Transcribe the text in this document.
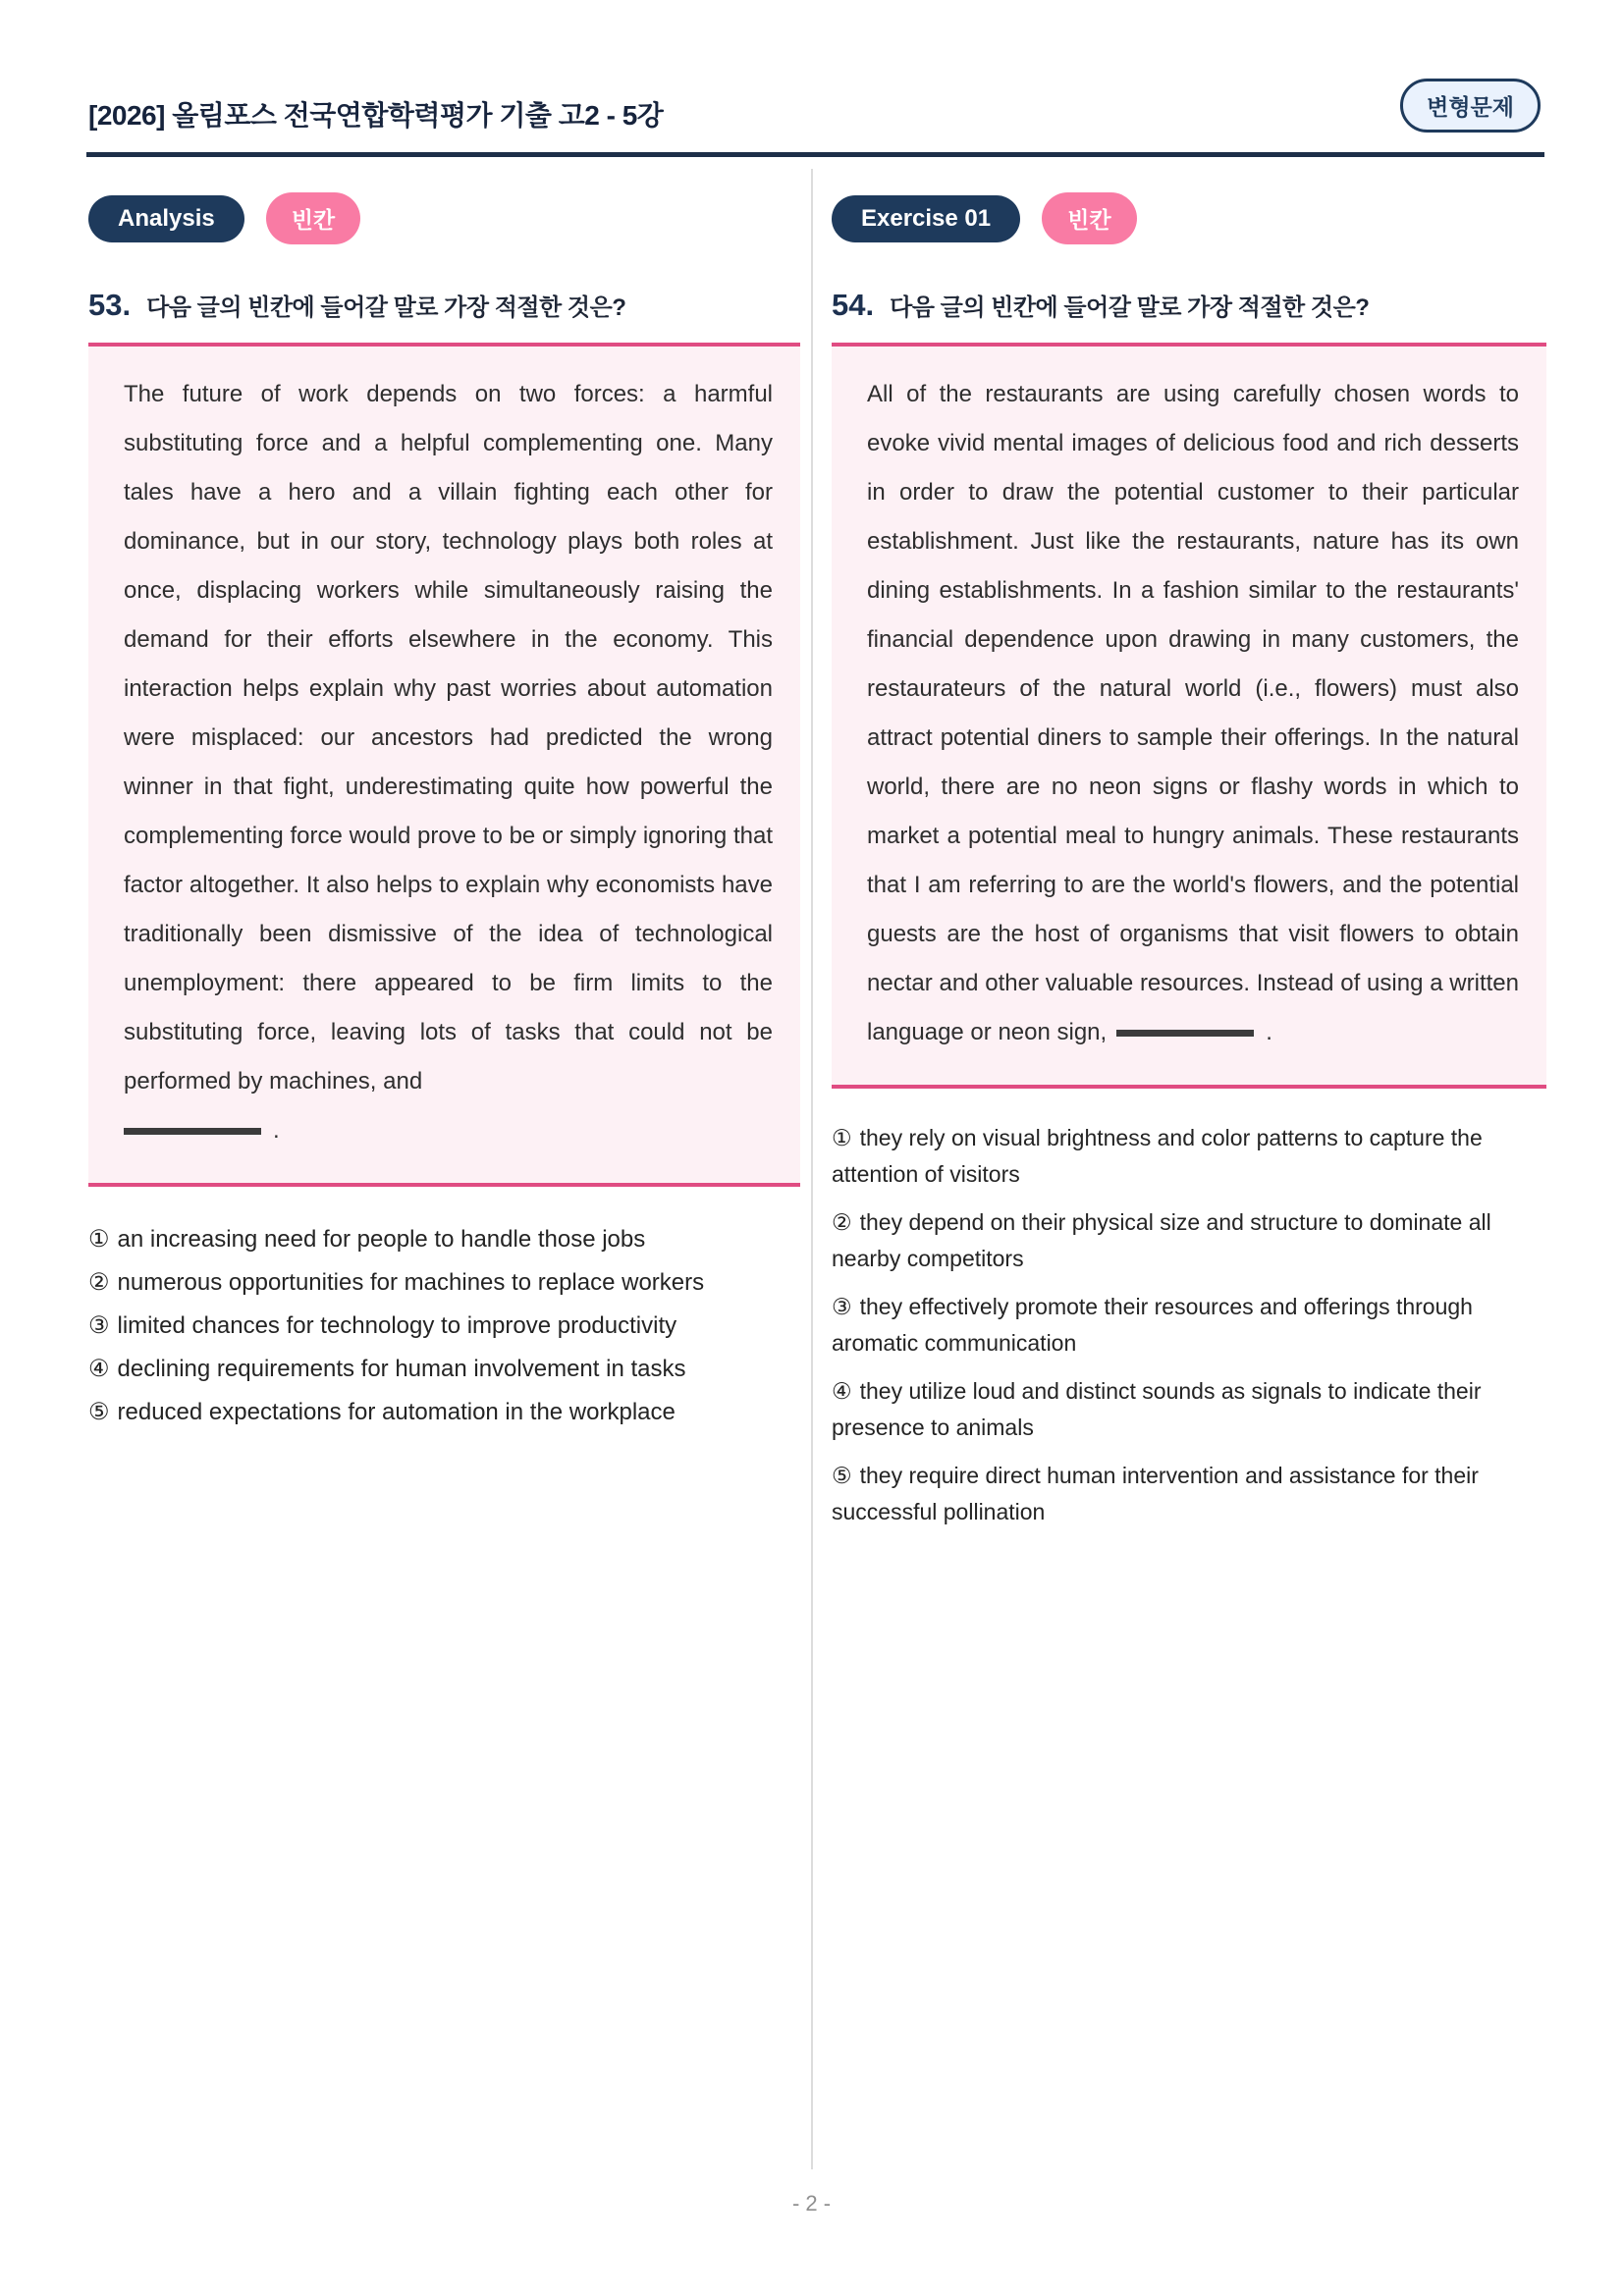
[2026] 올림포스 전국연합학력평가 기출 고2 - 5강	변형문제
Analysis	빈칸
53. 다음 글의 빈칸에 들어갈 말로 가장 적절한 것은?

The future of work depends on two forces: a harmful substituting force and a helpful complementing one. Many tales have a hero and a villain fighting each other for dominance, but in our story, technology plays both roles at once, displacing workers while simultaneously raising the demand for their efforts elsewhere in the economy. This interaction helps explain why past worries about automation were misplaced: our ancestors had predicted the wrong winner in that fight, underestimating quite how powerful the complementing force would prove to be or simply ignoring that factor altogether. It also helps to explain why economists have traditionally been dismissive of the idea of technological unemployment: there appeared to be firm limits to the substituting force, leaving lots of tasks that could not be performed by machines, and
.

① an increasing need for people to handle those jobs
② numerous opportunities for machines to replace workers
③ limited chances for technology to improve productivity
④ declining requirements for human involvement in tasks
⑤ reduced expectations for automation in the workplace
Exercise 01	빈칸
54. 다음 글의 빈칸에 들어갈 말로 가장 적절한 것은?

All of the restaurants are using carefully chosen words to evoke vivid mental images of delicious food and rich desserts in order to draw the potential customer to their particular establishment. Just like the restaurants, nature has its own dining establishments. In a fashion similar to the restaurants' financial dependence upon drawing in many customers, the restaurateurs of the natural world (i.e., flowers) must also attract potential diners to sample their offerings. In the natural world, there are no neon signs or flashy words in which to market a potential meal to hungry animals. These restaurants that I am referring to are the world's flowers, and the potential guests are the host of organisms that visit flowers to obtain nectar and other valuable resources. Instead of using a written language or neon sign,	.

① they rely on visual brightness and color patterns to capture the attention of visitors
② they depend on their physical size and structure to dominate all nearby competitors
③ they effectively promote their resources and offerings through aromatic communication
④ they utilize loud and distinct sounds as signals to indicate their presence to animals
⑤ they require direct human intervention and assistance for their successful pollination
- 2 -
